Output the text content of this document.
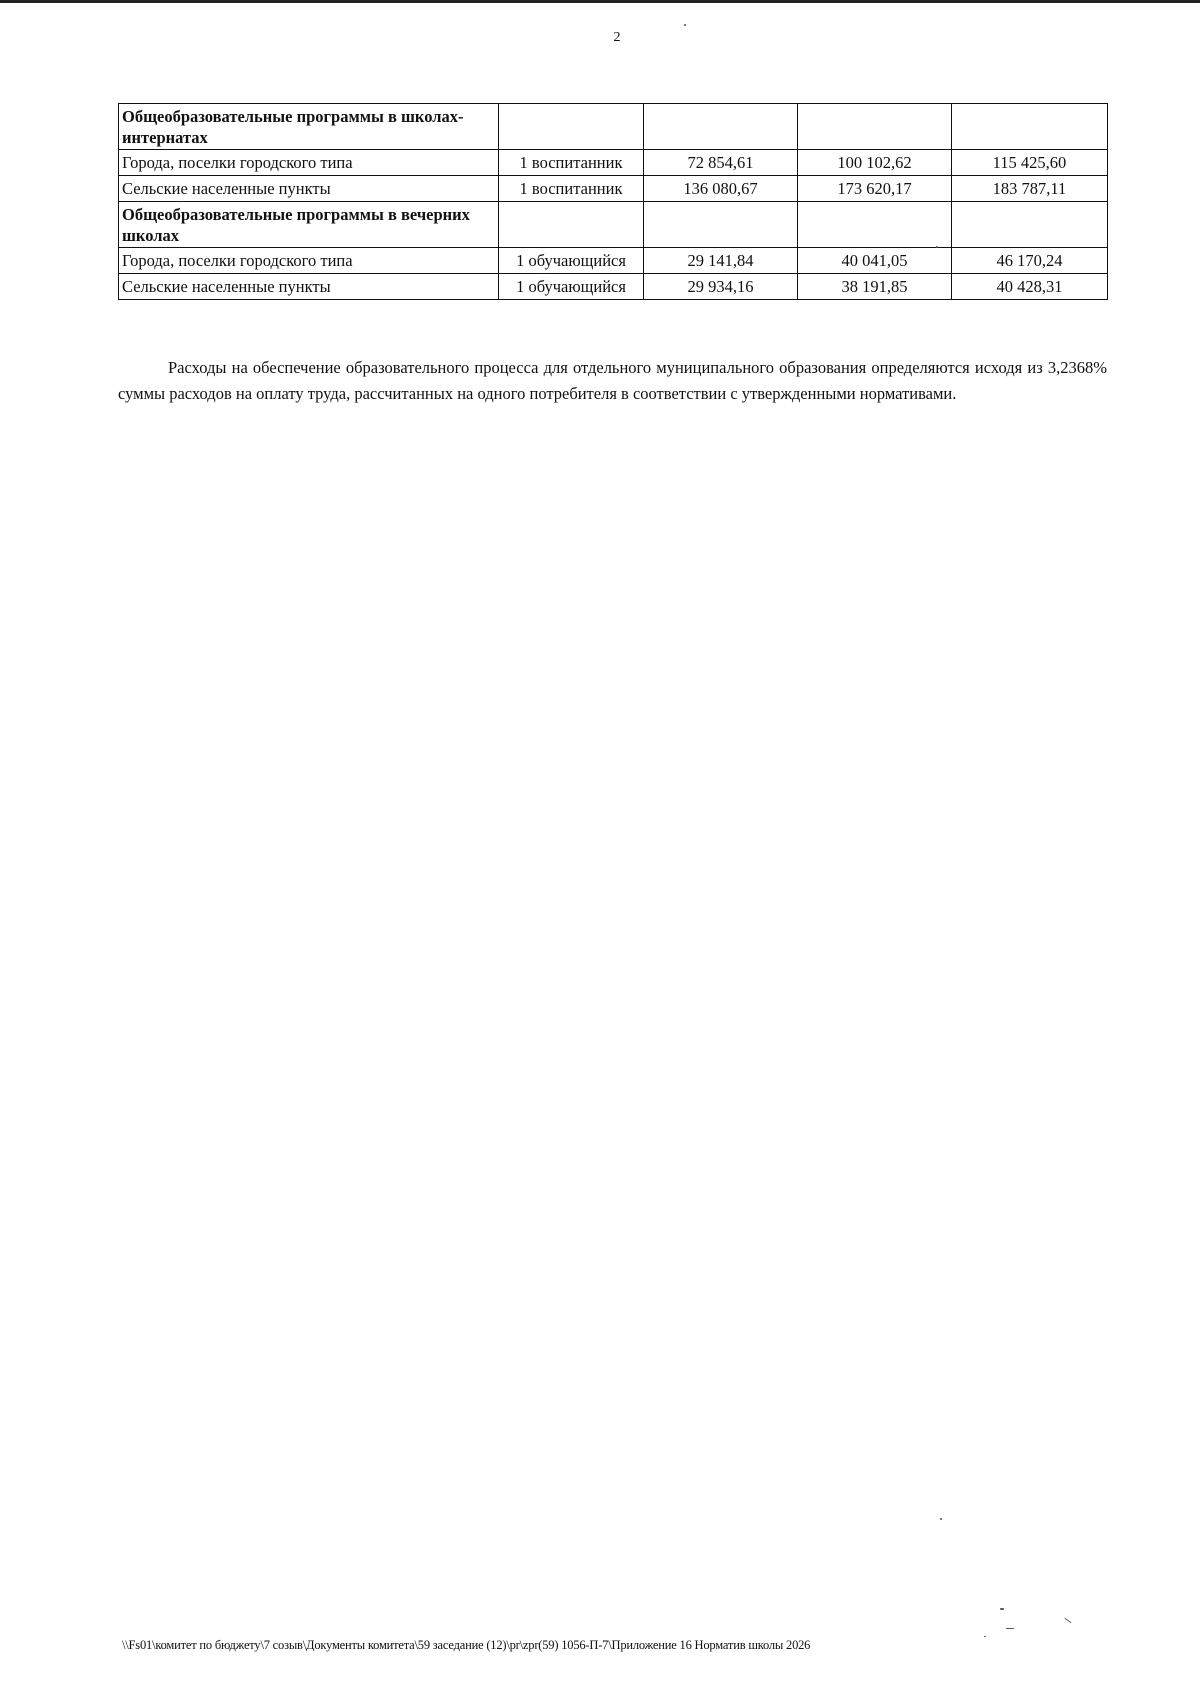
2
Общеобразовательные программы в школах-интернатах				
Города, поселки городского типа	1 воспитанник	72 854,61	100 102,62	115 425,60
Сельские населенные пункты	1 воспитанник	136 080,67	173 620,17	183 787,11
Общеобразовательные программы в вечерних школах				
Города, поселки городского типа	1 обучающийся	29 141,84	40 041,05	46 170,24
Сельские населенные пункты	1 обучающийся	29 934,16	38 191,85	40 428,31

Расходы на обеспечение образовательного процесса для отдельного муниципального образования определяются исходя из 3,2368% суммы расходов на оплату труда, рассчитанных на одного потребителя в соответствии с утвержденными нормативами.

\\Fs01\комитет по бюджету\7 созыв\Документы комитета\59 заседание (12)\pr\zpr(59) 1056-П-7\Приложение 16 Норматив школы 2026
